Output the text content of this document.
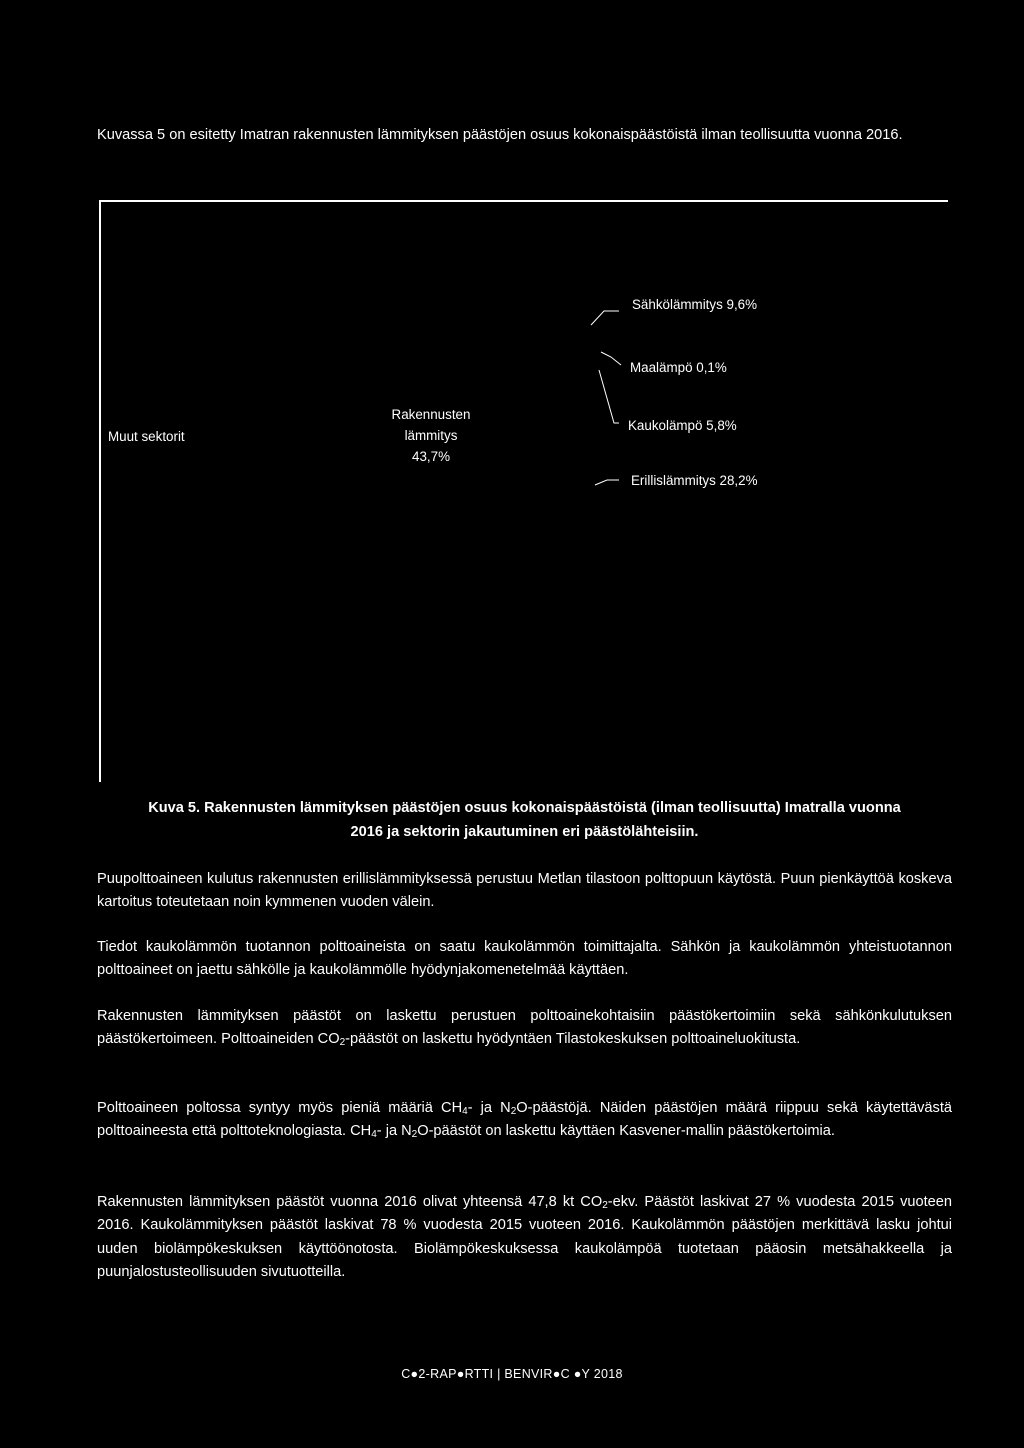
Kuvassa 5 on esitetty Imatran rakennusten lämmityksen päästöjen osuus kokonaispäästöistä ilman teollisuutta vuonna 2016.

Muut sektorit
Rakennusten
lämmitys
43,7%
Sähkölämmitys 9,6%
Maalämpö 0,1%
Kaukolämpö 5,8%
Erillislämmitys 28,2%
Kuva 5. Rakennusten lämmityksen päästöjen osuus kokonaispäästöistä (ilman teollisuutta) Imatralla vuonna
2016 ja sektorin jakautuminen eri päästölähteisiin.

Puupolttoaineen kulutus rakennusten erillislämmityksessä perustuu Metlan tilastoon polttopuun käytöstä. Puun pienkäyttöä koskeva kartoitus toteutetaan noin kymmenen vuoden välein.

Tiedot kaukolämmön tuotannon polttoaineista on saatu kaukolämmön toimittajalta. Sähkön ja kaukolämmön yhteistuotannon polttoaineet on jaettu sähkölle ja kaukolämmölle hyödynjakomenetelmää käyttäen.

Rakennusten lämmityksen päästöt on laskettu perustuen polttoainekohtaisiin päästökertoimiin sekä sähkönkulutuksen päästökertoimeen. Polttoaineiden $CO_2$-päästöt on laskettu hyödyntäen Tilastokeskuksen polttoaineluokitusta.

Polttoaineen poltossa syntyy myös pieniä määriä $CH_4-$ ja $N_2O$-päästöjä. Näiden päästöjen määrä riippuu sekä käytettävästä polttoaineesta että polttoteknologiasta. $CH_4-$ ja $N_2O$-päästöt on laskettu käyttäen Kasvener-mallin päästökertoimia.

Rakennusten lämmityksen päästöt vuonna 2016 olivat yhteensä 47,8 kt $CO_2$-ekv. Päästöt laskivat 27 % vuodesta 2015 vuoteen 2016. Kaukolämmityksen päästöt laskivat 78 % vuodesta 2015 vuoteen 2016. Kaukolämmön päästöjen merkittävä lasku johtui uuden biolämpökeskuksen käyttöönotosta. Biolämpökeskuksessa kaukolämpöä tuotetaan pääosin metsähakkeella ja puunjalostusteollisuuden sivutuotteilla.

C●2-RAP●RTTI | BENVIR●C ●Y 2018
